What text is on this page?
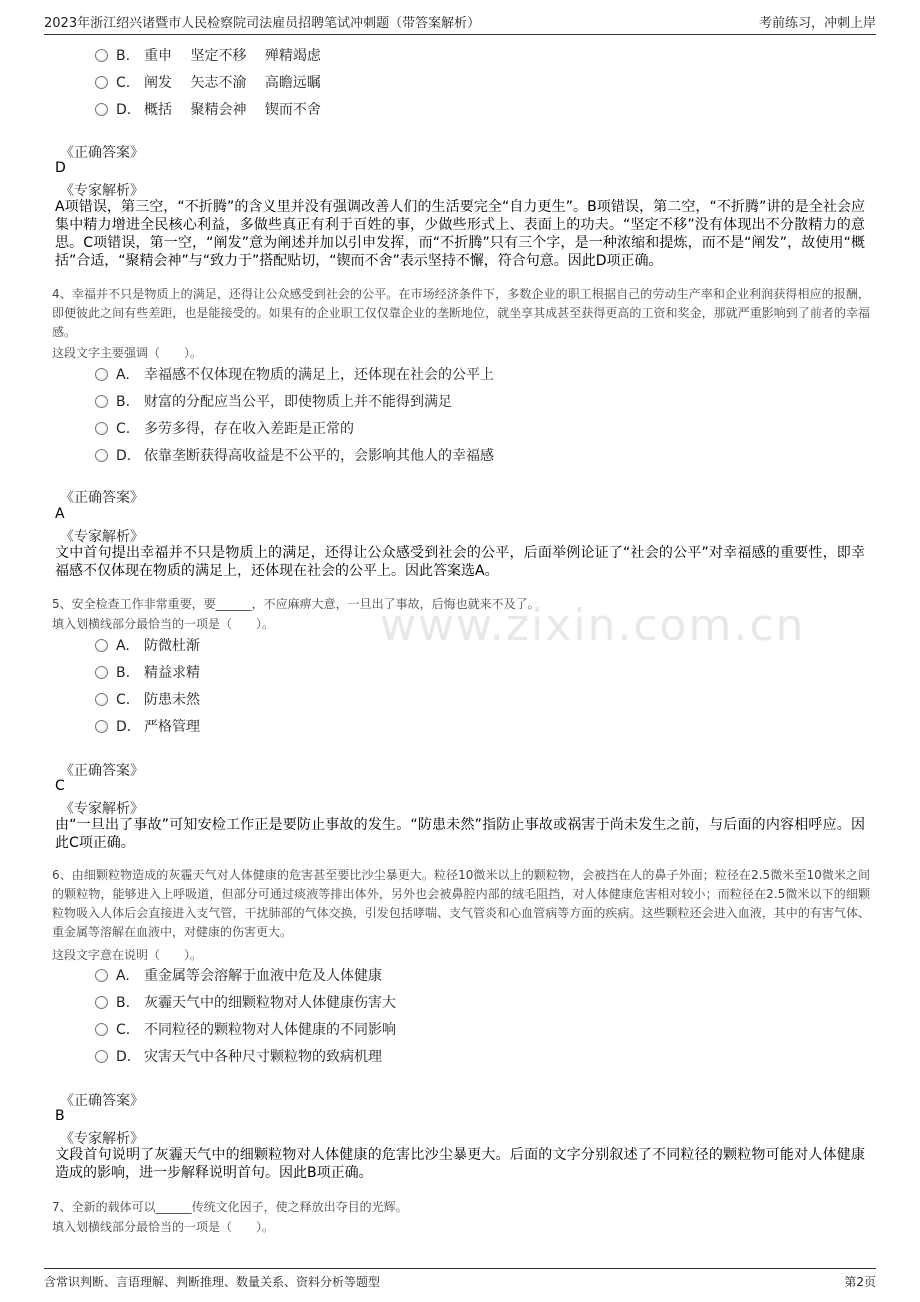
2023年浙江绍兴诸暨市人民检察院司法雇员招聘笔试冲刺题（带答案解析）	考前练习，冲刺上岸
www.zixin.com.cn
B. 重申　 坚定不移　 殚精竭虑
C. 阐发　 矢志不渝　 高瞻远瞩
D. 概括　 聚精会神　 锲而不舍
《正确答案》
D
《专家解析》
A项错误，第三空，“不折腾”的含义里并没有强调改善人们的生活要完全“自力更生”。B项错误，第二空，“不折腾”讲的是全社会应集中精力增进全民核心利益，多做些真正有利于百姓的事，少做些形式上、表面上的功夫。“坚定不移”没有体现出不分散精力的意思。C项错误，第一空，“阐发”意为阐述并加以引申发挥，而“不折腾”只有三个字，是一种浓缩和提炼，而不是“阐发”，故使用“概括”合适，“聚精会神”与“致力于”搭配贴切，“锲而不舍”表示坚持不懈，符合句意。因此D项正确。
4、幸福并不只是物质上的满足，还得让公众感受到社会的公平。在市场经济条件下，多数企业的职工根据自己的劳动生产率和企业利润获得相应的报酬，即便彼此之间有些差距，也是能接受的。如果有的企业职工仅仅靠企业的垄断地位，就坐享其成甚至获得更高的工资和奖金，那就严重影响到了前者的幸福感。
这段文字主要强调（　　）。
A. 幸福感不仅体现在物质的满足上，还体现在社会的公平上
B. 财富的分配应当公平，即使物质上并不能得到满足
C. 多劳多得，存在收入差距是正常的
D. 依靠垄断获得高收益是不公平的，会影响其他人的幸福感
《正确答案》
A
《专家解析》
文中首句提出幸福并不只是物质上的满足，还得让公众感受到社会的公平，后面举例论证了“社会的公平”对幸福感的重要性，即幸福感不仅体现在物质的满足上，还体现在社会的公平上。因此答案选A。
5、安全检查工作非常重要，要______，不应麻痹大意，一旦出了事故，后悔也就来不及了。
填入划横线部分最恰当的一项是（　　）。
A. 防微杜渐
B. 精益求精
C. 防患未然
D. 严格管理
《正确答案》
C
《专家解析》
由“一旦出了事故”可知安检工作正是要防止事故的发生。“防患未然”指防止事故或祸害于尚未发生之前，与后面的内容相呼应。因此C项正确。
6、由细颗粒物造成的灰霾天气对人体健康的危害甚至要比沙尘暴更大。粒径10微米以上的颗粒物，会被挡在人的鼻子外面；粒径在2.5微米至10微米之间的颗粒物，能够进入上呼吸道，但部分可通过痰液等排出体外，另外也会被鼻腔内部的绒毛阻挡，对人体健康危害相对较小；而粒径在2.5微米以下的细颗粒物吸入人体后会直接进入支气管，干扰肺部的气体交换，引发包括哮喘、支气管炎和心血管病等方面的疾病。这些颗粒还会进入血液，其中的有害气体、重金属等溶解在血液中，对健康的伤害更大。
这段文字意在说明（　　）。
A. 重金属等会溶解于血液中危及人体健康
B. 灰霾天气中的细颗粒物对人体健康伤害大
C. 不同粒径的颗粒物对人体健康的不同影响
D. 灾害天气中各种尺寸颗粒物的致病机理
《正确答案》
B
《专家解析》
文段首句说明了灰霾天气中的细颗粒物对人体健康的危害比沙尘暴更大。后面的文字分别叙述了不同粒径的颗粒物可能对人体健康造成的影响，进一步解释说明首句。因此B项正确。
7、全新的载体可以______传统文化因子，使之释放出夺目的光辉。
填入划横线部分最恰当的一项是（　　）。
含常识判断、言语理解、判断推理、数量关系、资料分析等题型	第2页
